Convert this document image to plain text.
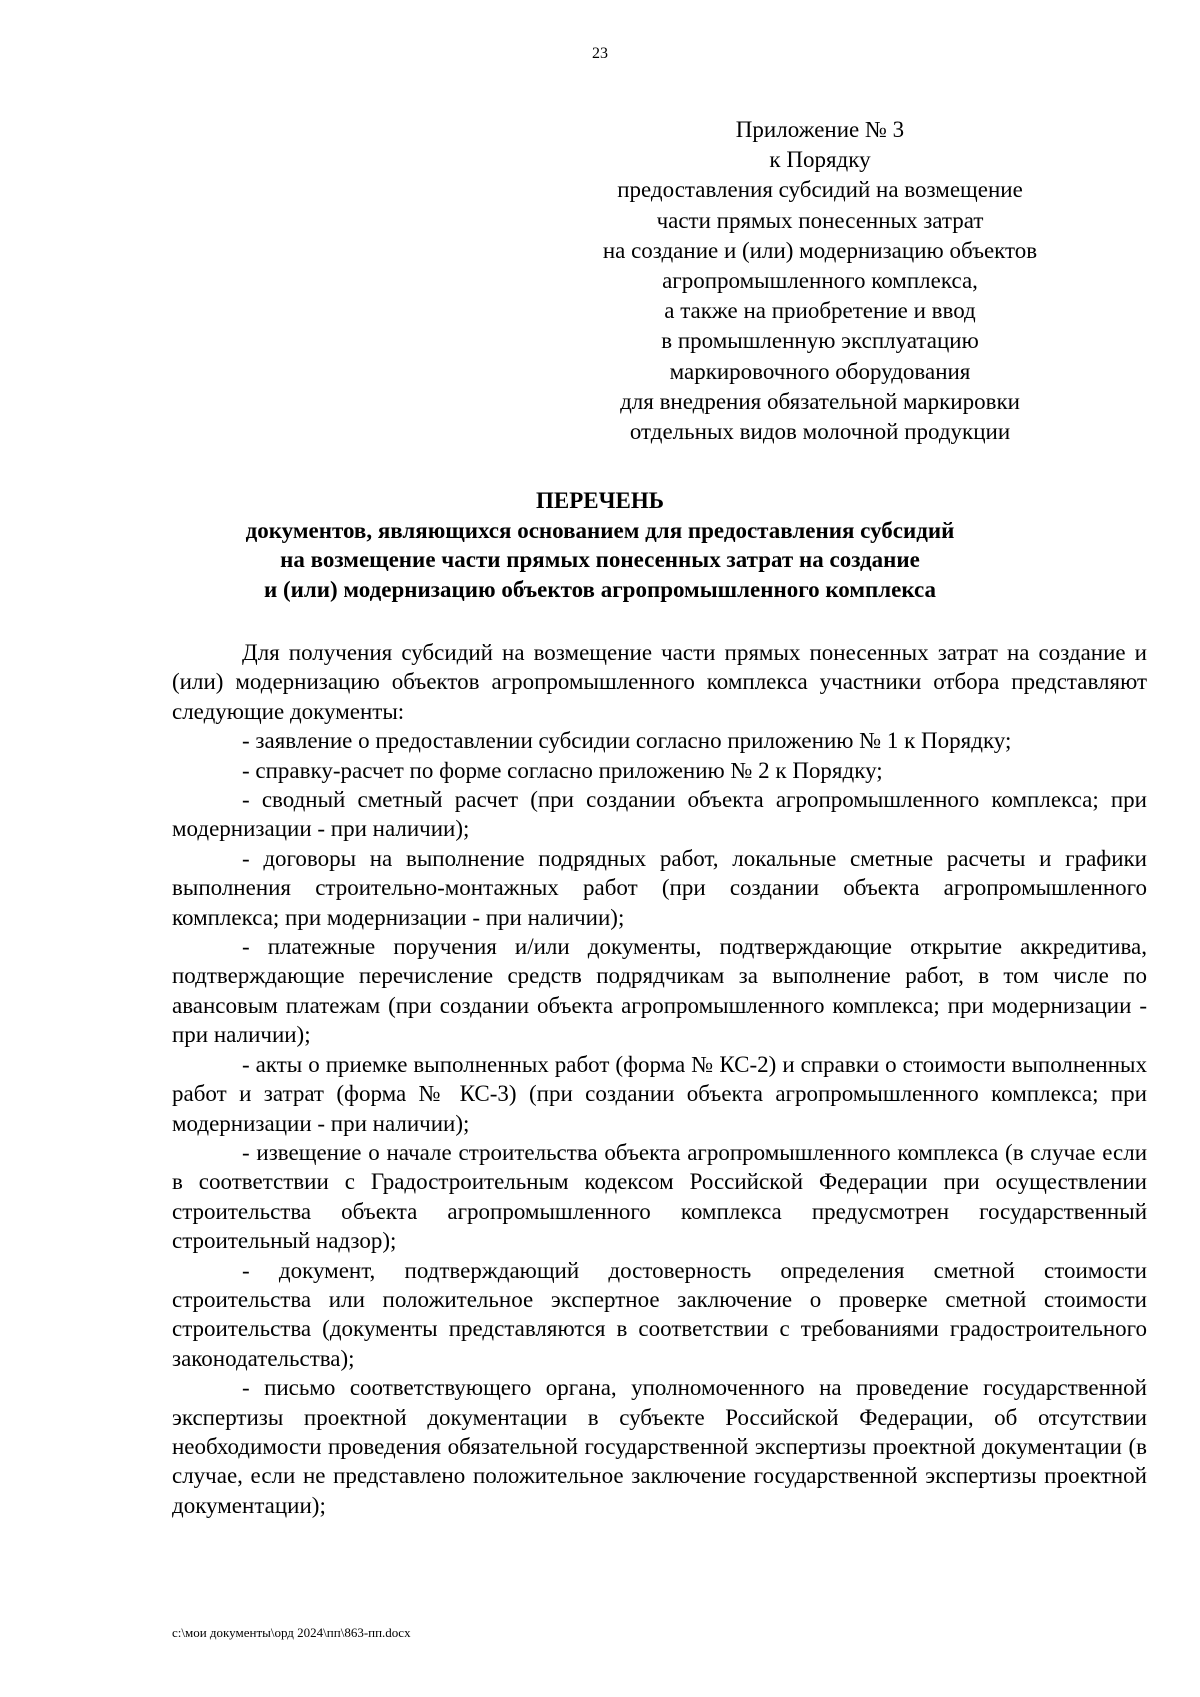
23
Приложение № 3
к Порядку
предоставления субсидий на возмещение
части прямых понесенных затрат
на создание и (или) модернизацию объектов
агропромышленного комплекса,
а также на приобретение и ввод
в промышленную эксплуатацию
маркировочного оборудования
для внедрения обязательной маркировки
отдельных видов молочной продукции
ПЕРЕЧЕНЬ
документов, являющихся основанием для предоставления субсидий
на возмещение части прямых понесенных затрат на создание
и (или) модернизацию объектов агропромышленного комплекса

Для получения субсидий на возмещение части прямых понесенных затрат на создание и (или) модернизацию объектов агропромышленного комплекса участники отбора представляют следующие документы:

- заявление о предоставлении субсидии согласно приложению № 1 к Порядку;

- справку-расчет по форме согласно приложению № 2 к Порядку;

- сводный сметный расчет (при создании объекта агропромышленного комплекса; при модернизации - при наличии);

- договоры на выполнение подрядных работ, локальные сметные расчеты и графики выполнения строительно-монтажных работ (при создании объекта агропромышленного комплекса; при модернизации - при наличии);

- платежные поручения и/или документы, подтверждающие открытие аккредитива, подтверждающие перечисление средств подрядчикам за выполнение работ, в том числе по авансовым платежам (при создании объекта агропромышленного комплекса; при модернизации - при наличии);

- акты о приемке выполненных работ (форма № КС-2) и справки о стоимости выполненных работ и затрат (форма № КС-3) (при создании объекта агропромышленного комплекса; при модернизации - при наличии);

- извещение о начале строительства объекта агропромышленного комплекса (в случае если в соответствии с Градостроительным кодексом Российской Федерации при осуществлении строительства объекта агропромышленного комплекса предусмотрен государственный строительный надзор);

- документ, подтверждающий достоверность определения сметной стоимости строительства или положительное экспертное заключение о проверке сметной стоимости строительства (документы представляются в соответствии с требованиями градостроительного законодательства);

- письмо соответствующего органа, уполномоченного на проведение государственной экспертизы проектной документации в субъекте Российской Федерации, об отсутствии необходимости проведения обязательной государственной экспертизы проектной документации (в случае, если не представлено положительное заключение государственной экспертизы проектной документации);

c:\мои документы\орд 2024\пп\863-пп.docx
